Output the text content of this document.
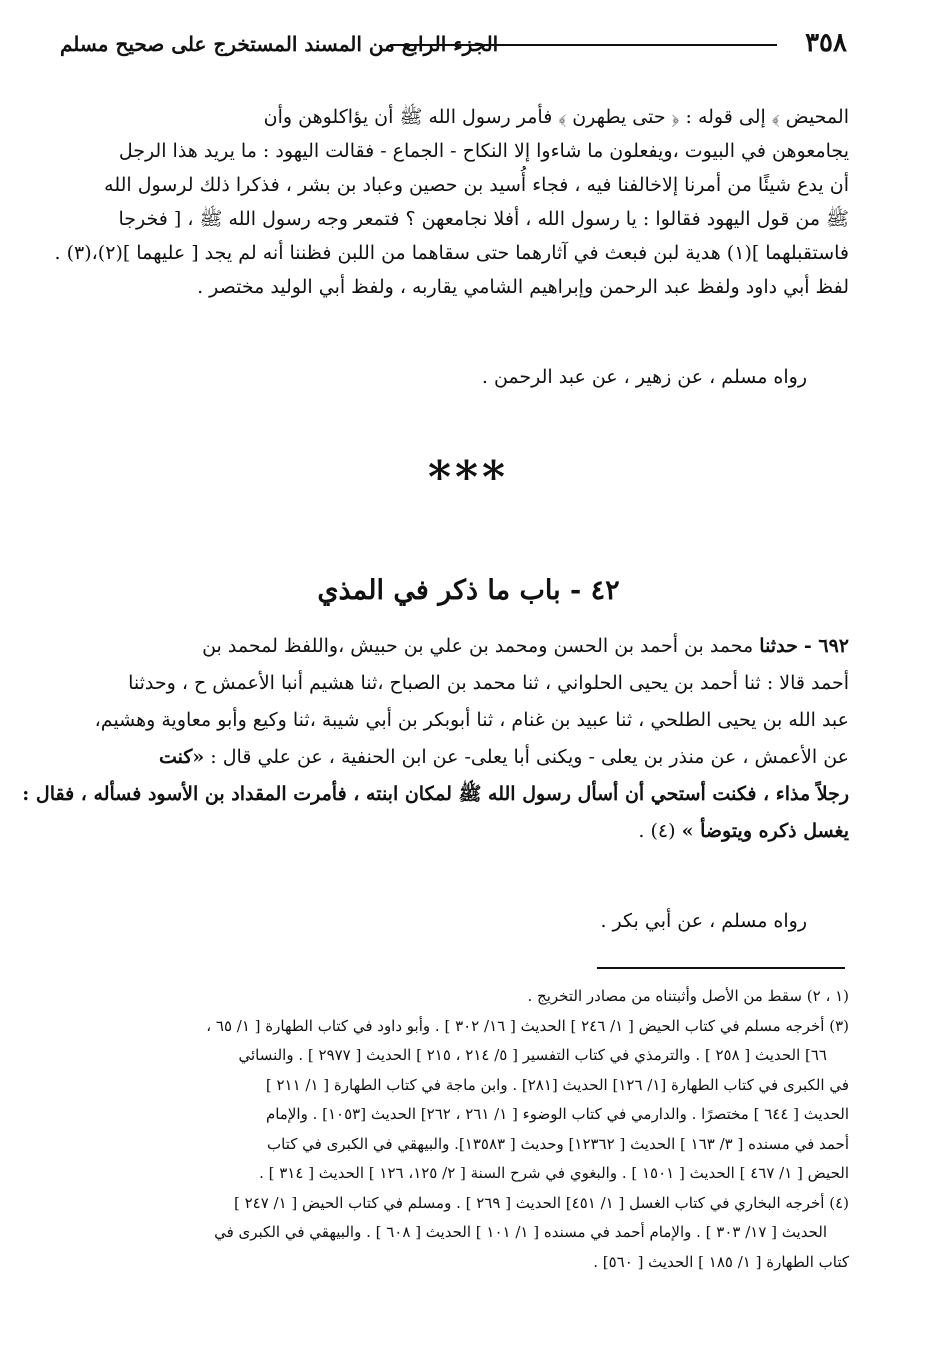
٣٥٨
الجزء الرابع من المسند المستخرج على صحيح مسلم
المحيض ﴾ إلى قوله : ﴿ حتى يطهرن ﴾ فأمر رسول الله ﷺ أن يؤاكلوهن وأن
يجامعوهن في البيوت ،ويفعلون ما شاءوا إلا النكاح - الجماع - فقالت اليهود : ما يريد هذا الرجل
أن يدع شيئًا من أمرنا إلاخالفنا فيه ، فجاء أُسيد بن حصين وعباد بن بشر ، فذكرا ذلك لرسول الله
ﷺ من قول اليهود فقالوا : يا رسول الله ، أفلا نجامعهن ؟ فتمعر وجه رسول الله ﷺ ، [ فخرجا
فاستقبلهما ](١) هدية لبن فبعث في آثارهما حتى سقاهما من اللبن فظننا أنه لم يجد [ عليهما ](٢)،(٣) .
لفظ أبي داود ولفظ عبد الرحمن وإبراهيم الشامي يقاربه ، ولفظ أبي الوليد مختصر .
رواه مسلم ، عن زهير ، عن عبد الرحمن .
***
٤٢ - باب ما ذكر في المذي
٦٩٢ - حدثنا محمد بن أحمد بن الحسن ومحمد بن علي بن حبيش ،واللفظ لمحمد بن
أحمد قالا : ثنا أحمد بن يحيى الحلواني ، ثنا محمد بن الصباح ،ثنا هشيم أنبا الأعمش ح ، وحدثنا
عبد الله بن يحيى الطلحي ، ثنا عبيد بن غنام ، ثنا أبوبكر بن أبي شيبة ،ثنا وكيع وأبو معاوية وهشيم،
عن الأعمش ، عن منذر بن يعلى - ويكنى أبا يعلى- عن ابن الحنفية ، عن علي قال : «كنت
رجلاً مذاء ، فكنت أستحي أن أسأل رسول الله ﷺ لمكان ابنته ، فأمرت المقداد بن الأسود فسأله ، فقال :
يغسل ذكره ويتوضأ » (٤) .
رواه مسلم ، عن أبي بكر .
(١ ، ٢) سقط من الأصل وأثبتناه من مصادر التخريج .
(٣) أخرجه مسلم في كتاب الحيض [ ١/ ٢٤٦ ] الحديث [ ١٦/ ٣٠٢ ] . وأبو داود في كتاب الطهارة [ ١/ ٦٥ ،
٦٦] الحديث [ ٢٥٨ ] . والترمذي في كتاب التفسير [ ٥/ ٢١٤ ، ٢١٥ ] الحديث [ ٢٩٧٧ ] . والنسائي
في الكبرى في كتاب الطهارة [١/ ١٢٦] الحديث [٢٨١] . وابن ماجة في كتاب الطهارة [ ١/ ٢١١ ]
الحديث [ ٦٤٤ ] مختصرًا . والدارمي في كتاب الوضوء [ ١/ ٢٦١ ، ٢٦٢] الحديث [١٠٥٣] . والإمام
أحمد في مسنده [ ٣/ ١٦٣ ] الحديث [ ١٢٣٦٢] وحديث [ ١٣٥٨٣]. والبيهقي في الكبرى في كتاب
الحيض [ ١/ ٤٦٧ ] الحديث [ ١٥٠١ ] . والبغوي في شرح السنة [ ٢/ ١٢٥، ١٢٦ ] الحديث [ ٣١٤ ] .
(٤) أخرجه البخاري في كتاب الغسل [ ١/ ٤٥١] الحديث [ ٢٦٩ ] . ومسلم في كتاب الحيض [ ١/ ٢٤٧ ]
الحديث [ ١٧/ ٣٠٣ ] . والإمام أحمد في مسنده [ ١/ ١٠١ ] الحديث [ ٦٠٨ ] . والبيهقي في الكبرى في
كتاب الطهارة [ ١/ ١٨٥ ] الحديث [ ٥٦٠] .
